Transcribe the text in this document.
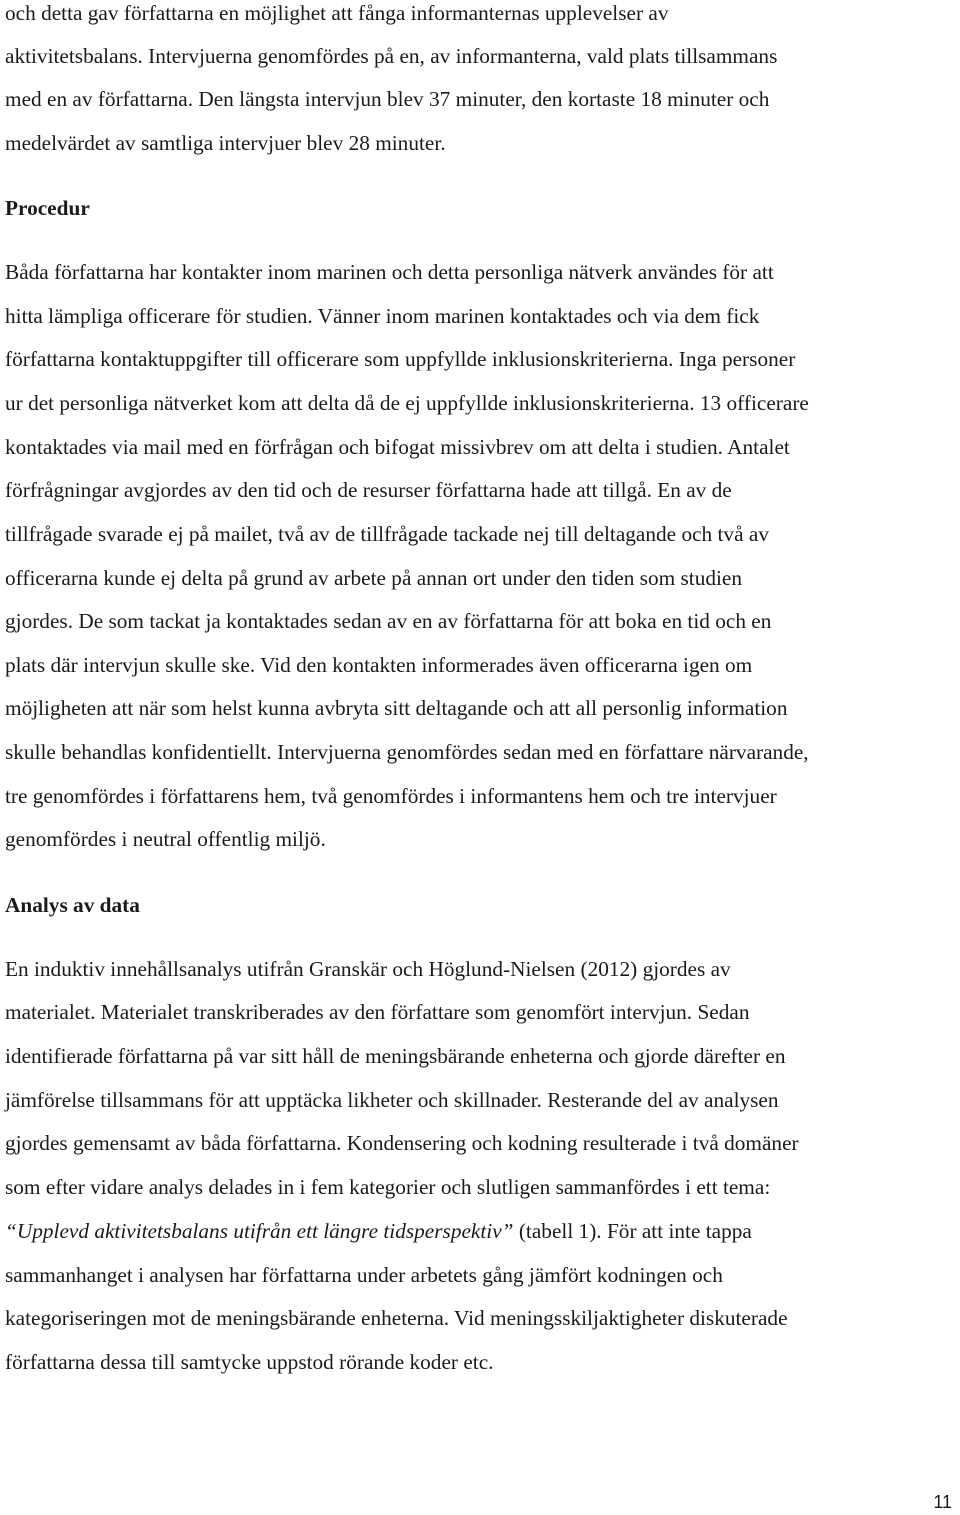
och detta gav författarna en möjlighet att fånga informanternas upplevelser av
aktivitetsbalans. Intervjuerna genomfördes på en, av informanterna, vald plats tillsammans
med en av författarna. Den längsta intervjun blev 37 minuter, den kortaste 18 minuter och
medelvärdet av samtliga intervjuer blev 28 minuter.
Procedur
Båda författarna har kontakter inom marinen och detta personliga nätverk användes för att
hitta lämpliga officerare för studien. Vänner inom marinen kontaktades och via dem fick
författarna kontaktuppgifter till officerare som uppfyllde inklusionskriterierna. Inga personer
ur det personliga nätverket kom att delta då de ej uppfyllde inklusionskriterierna. 13 officerare
kontaktades via mail med en förfrågan och bifogat missivbrev om att delta i studien. Antalet
förfrågningar avgjordes av den tid och de resurser författarna hade att tillgå. En av de
tillfrågade svarade ej på mailet, två av de tillfrågade tackade nej till deltagande och två av
officerarna kunde ej delta på grund av arbete på annan ort under den tiden som studien
gjordes. De som tackat ja kontaktades sedan av en av författarna för att boka en tid och en
plats där intervjun skulle ske. Vid den kontakten informerades även officerarna igen om
möjligheten att när som helst kunna avbryta sitt deltagande och att all personlig information
skulle behandlas konfidentiellt. Intervjuerna genomfördes sedan med en författare närvarande,
tre genomfördes i författarens hem, två genomfördes i informantens hem och tre intervjuer
genomfördes i neutral offentlig miljö.
Analys av data
En induktiv innehållsanalys utifrån Granskär och Höglund-Nielsen (2012) gjordes av
materialet. Materialet transkriberades av den författare som genomfört intervjun. Sedan
identifierade författarna på var sitt håll de meningsbärande enheterna och gjorde därefter en
jämförelse tillsammans för att upptäcka likheter och skillnader. Resterande del av analysen
gjordes gemensamt av båda författarna. Kondensering och kodning resulterade i två domäner
som efter vidare analys delades in i fem kategorier och slutligen sammanfördes i ett tema:
“Upplevd aktivitetsbalans utifrån ett längre tidsperspektiv” (tabell 1). För att inte tappa
sammanhanget i analysen har författarna under arbetets gång jämfört kodningen och
kategoriseringen mot de meningsbärande enheterna. Vid meningsskiljaktigheter diskuterade
författarna dessa till samtycke uppstod rörande koder etc.
11
